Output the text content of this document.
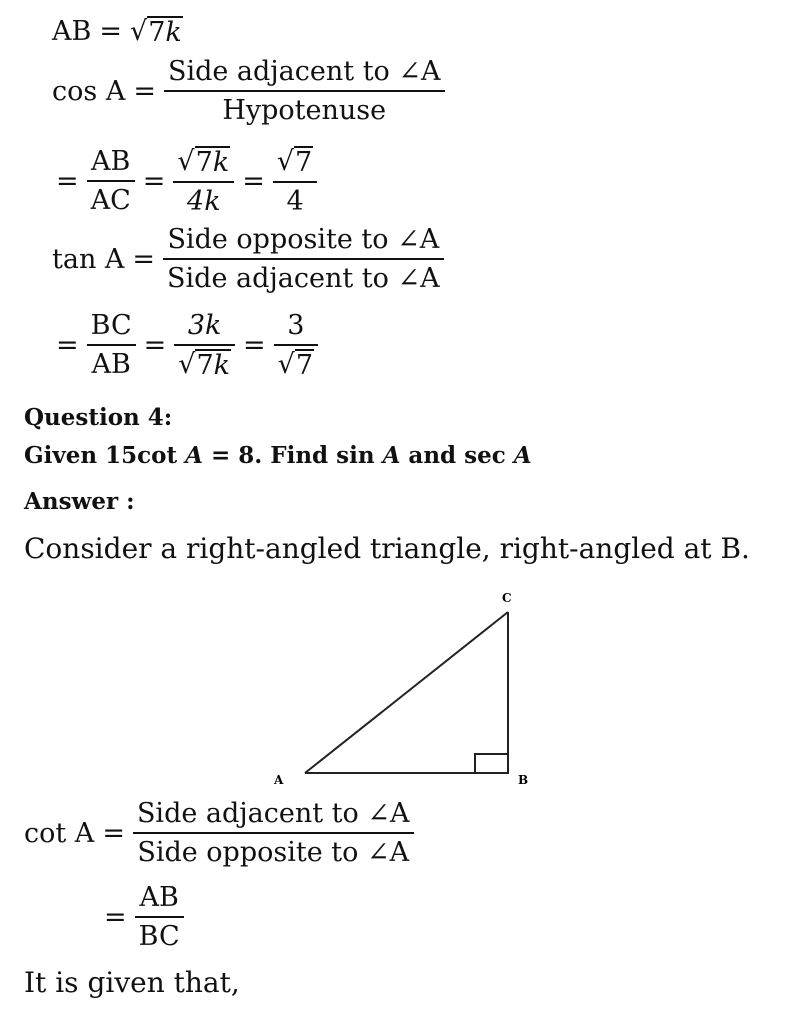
AB = √ 7k
$\cos A = \frac{\text{Side adjacent to ∠A}}{\text{Hypotenuse}}$
= $\frac{AB}{AC} = \frac{√ 7k}{4k} = \frac{√ 7}{4}$
$\tan A = \frac{\text{Side opposite to ∠A}}{\text{Side adjacent to ∠A}}$
= $\frac{BC}{AB} = \frac{3k}{√ 7k} = \frac{3}{√ 7}$
Question 4:
Given 15cot A = 8. Find sin A and sec A
Answer :
Consider a right-angled triangle, right-angled at B.
A	B
C
$\cot A = \frac{\text{Side adjacent to ∠A}}{\text{Side opposite to ∠A}}$
= $\frac{AB}{BC}$
It is given that,
